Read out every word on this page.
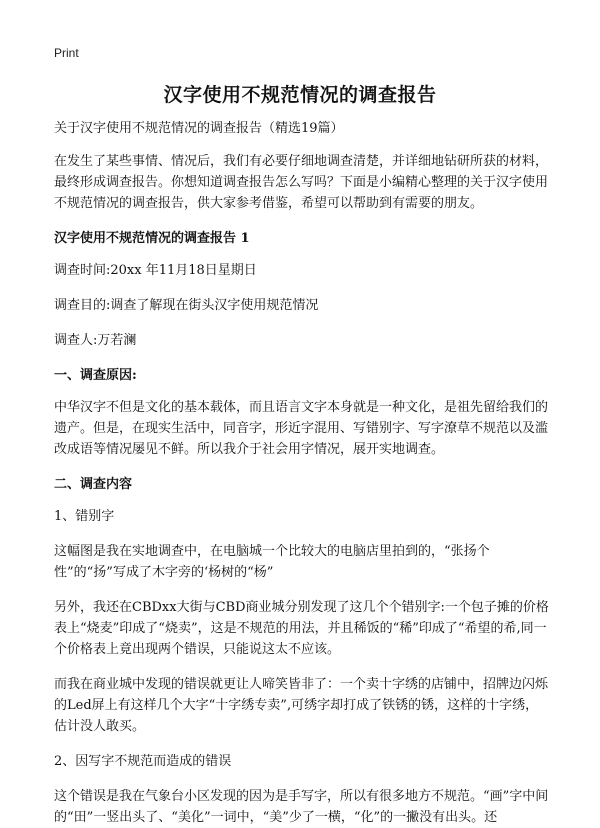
Print
汉字使用不规范情况的调查报告

关于汉字使用不规范情况的调查报告（精选19篇）

在发生了某些事情、情况后，我们有必要仔细地调查清楚，并详细地钻研所获的材料，最终形成调查报告。你想知道调查报告怎么写吗？下面是小编精心整理的关于汉字使用不规范情况的调查报告，供大家参考借鉴，希望可以帮助到有需要的朋友。

汉字使用不规范情况的调查报告 1

调查时间:20xx 年11月18日星期日

调查目的:调查了解现在街头汉字使用规范情况

调查人:万若澜

一、调查原因:

中华汉字不但是文化的基本载体，而且语言文字本身就是一种文化，是祖先留给我们的遗产。但是，在现实生活中，同音字，形近字混用、写错别字、写字潦草不规范以及滥改成语等情况屡见不鲜。所以我介于社会用字情况，展开实地调查。

二、调查内容

1、错别字

这幅图是我在实地调查中，在电脑城一个比较大的电脑店里拍到的，“张扬个性”的“扬”写成了木字旁的‘杨树的“杨”

另外，我还在CBDxx大街与CBD商业城分别发现了这几个个错别字:一个包子摊的价格表上“烧麦”印成了“烧卖”，这是不规范的用法，并且稀饭的“稀”印成了“希望的希,同一个价格表上竟出现两个错误，只能说这太不应该。

而我在商业城中发现的错误就更让人啼笑皆非了：一个卖十字绣的店铺中，招牌边闪烁的Led屏上有这样几个大字“十字绣专卖”,可绣字却打成了铁锈的锈，这样的十字绣，估计没人敢买。

2、因写字不规范而造成的错误

这个错误是我在气象台小区发现的因为是手写字，所以有很多地方不规范。“画”字中间的“田”一竖出头了、“美化”一词中，“美”少了一横，“化”的一撇没有出头。还
